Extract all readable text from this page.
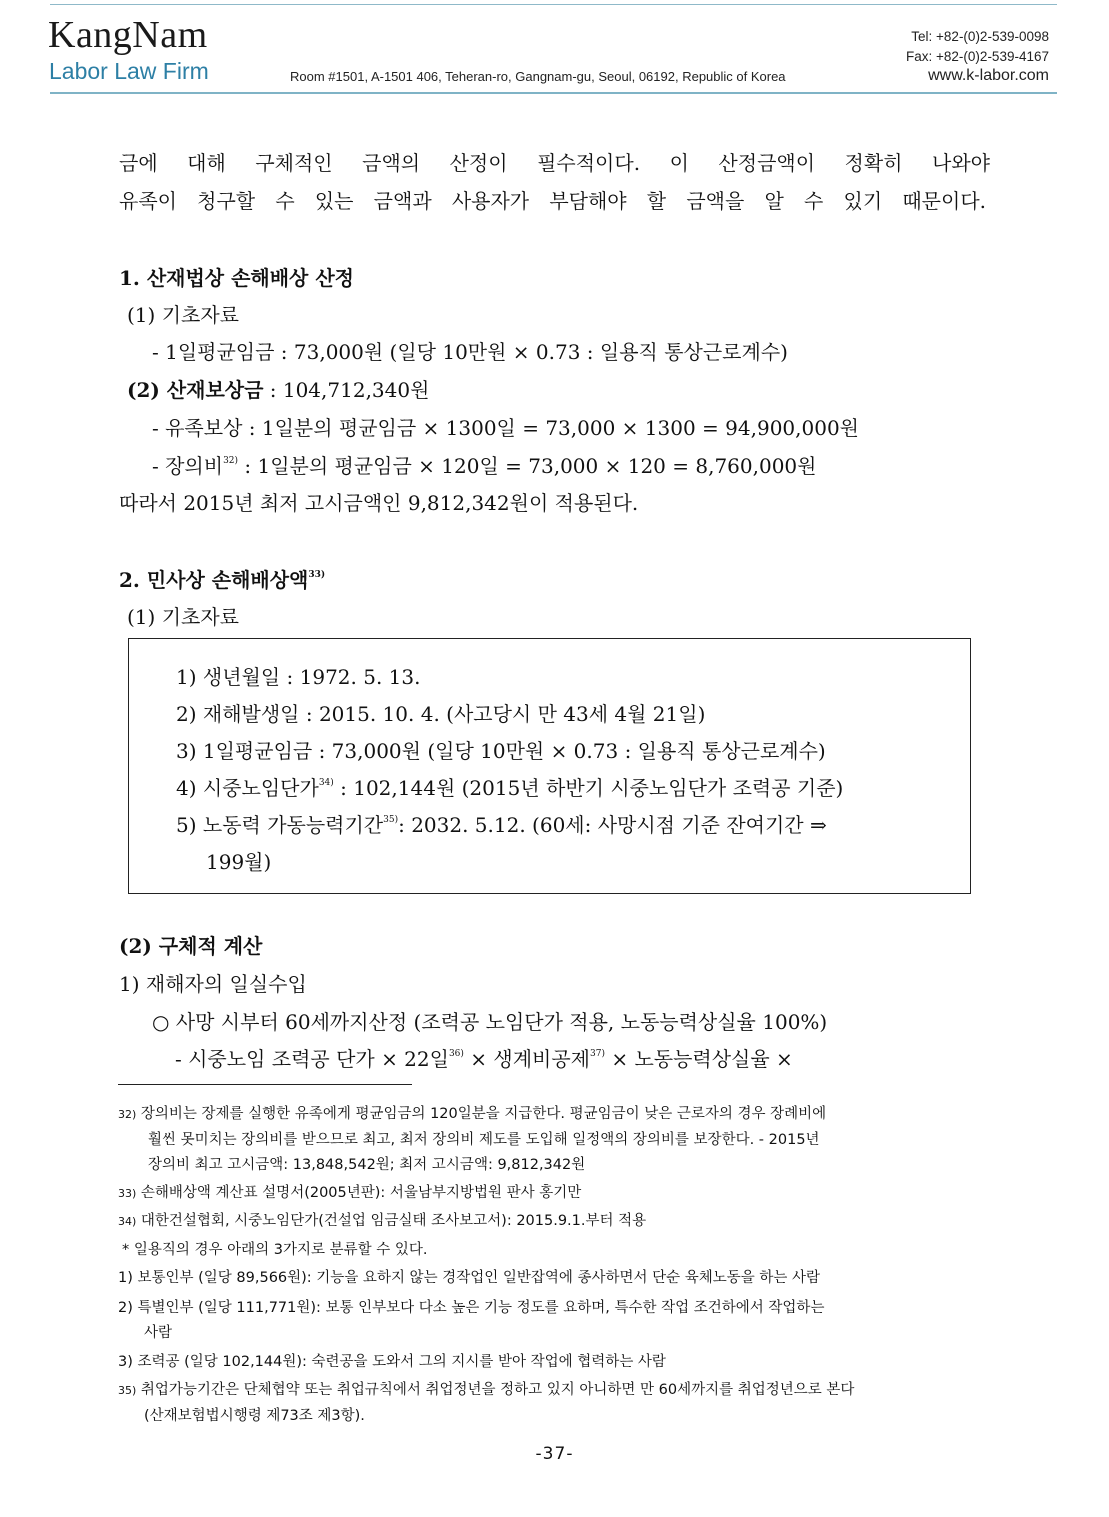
KangNam
Labor Law Firm	Room #1501, A-1501 406, Teheran-ro, Gangnam-gu, Seoul, 06192, Republic of Korea
Tel: +82-(0)2-539-0098
Fax: +82-(0)2-539-4167
www.k-labor.com
금에 대해 구체적인 금액의 산정이 필수적이다. 이 산정금액이 정확히 나와야
유족이 청구할 수 있는 금액과 사용자가 부담해야 할 금액을 알 수 있기 때문이다.
1. 산재법상 손해배상 산정
(1) 기초자료
- 1일평균임금 : 73,000원 (일당 10만원 × 0.73 : 일용직 통상근로계수)
(2) 산재보상금 : 104,712,340원
- 유족보상 : 1일분의 평균임금 × 1300일 = 73,000 × 1300 = 94,900,000원
- 장의비$^{32)}$ : 1일분의 평균임금 × 120일 = 73,000 × 120 = 8,760,000원
따라서 2015년 최저 고시금액인 9,812,342원이 적용된다.
2. 민사상 손해배상액$^{33)}$
(1) 기초자료
1) 생년월일 : 1972. 5. 13.
2) 재해발생일 : 2015. 10. 4. (사고당시 만 43세 4월 21일)
3) 1일평균임금 : 73,000원 (일당 10만원 × 0.73 : 일용직 통상근로계수)
4) 시중노임단가$^{34)}$ : 102,144원 (2015년 하반기 시중노임단가 조력공 기준)
5) 노동력 가동능력기간$^{35)}$: 2032. 5.12. (60세: 사망시점 기준 잔여기간 ⇒
199월)
(2) 구체적 계산
1) 재해자의 일실수입
○ 사망 시부터 60세까지산정 (조력공 노임단가 적용, 노동능력상실율 100%)
- 시중노임 조력공 단가 × 22일$^{36)}$ × 생계비공제$^{37)}$ × 노동능력상실율 ×
32) 장의비는 장제를 실행한 유족에게 평균임금의 120일분을 지급한다. 평균임금이 낮은 근로자의 경우 장례비에
훨씬 못미치는 장의비를 받으므로 최고, 최저 장의비 제도를 도입해 일정액의 장의비를 보장한다. - 2015년
장의비 최고 고시금액: 13,848,542원; 최저 고시금액: 9,812,342원
33) 손해배상액 계산표 설명서(2005년판): 서울남부지방법원 판사 홍기만
34) 대한건설협회, 시중노임단가(건설업 임금실태 조사보고서): 2015.9.1.부터 적용
* 일용직의 경우 아래의 3가지로 분류할 수 있다.
1) 보통인부 (일당 89,566원): 기능을 요하지 않는 경작업인 일반잡역에 종사하면서 단순 육체노동을 하는 사람
2) 특별인부 (일당 111,771원): 보통 인부보다 다소 높은 기능 정도를 요하며, 특수한 작업 조건하에서 작업하는
사람
3) 조력공 (일당 102,144원): 숙련공을 도와서 그의 지시를 받아 작업에 협력하는 사람
35) 취업가능기간은 단체협약 또는 취업규칙에서 취업정년을 정하고 있지 아니하면 만 60세까지를 취업정년으로 본다
(산재보험법시행령 제73조 제3항).
-37-
